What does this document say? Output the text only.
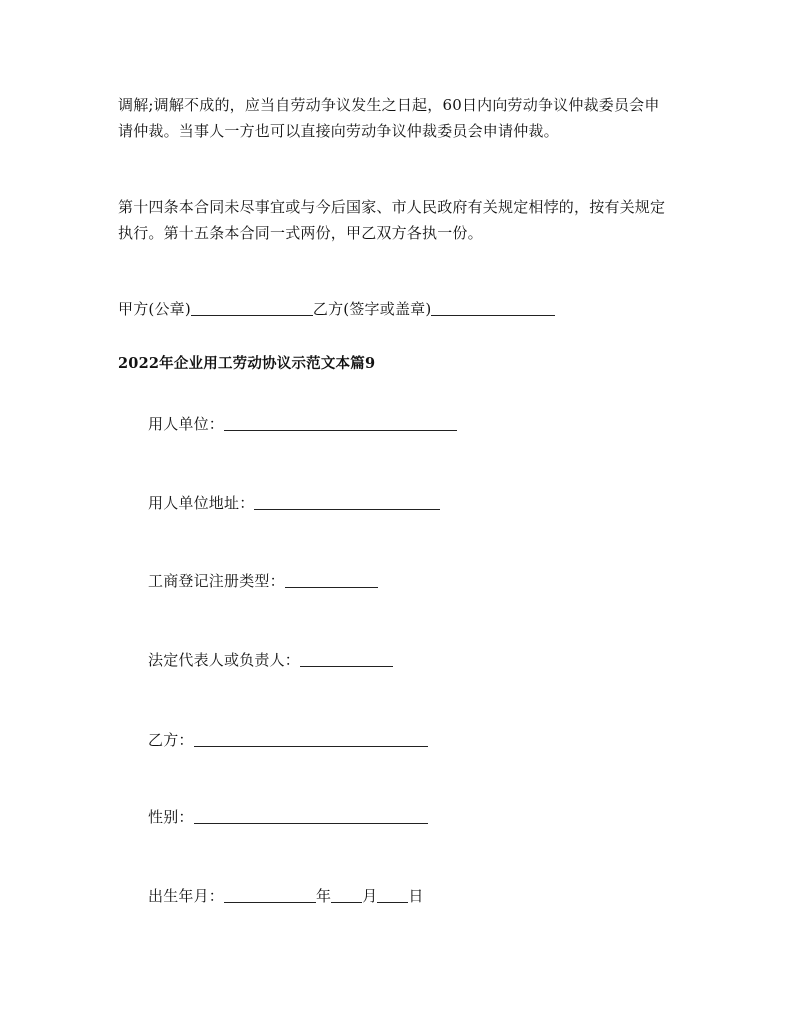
调解;调解不成的，应当自劳动争议发生之日起，60日内向劳动争议仲裁委员会申
请仲裁。当事人一方也可以直接向劳动争议仲裁委员会申请仲裁。
第十四条本合同未尽事宜或与今后国家、市人民政府有关规定相悖的，按有关规定
执行。第十五条本合同一式两份，甲乙双方各执一份。
甲方(公章)	乙方(签字或盖章)
2022年企业用工劳动协议示范文本篇9
用人单位：
用人单位地址：
工商登记注册类型：
法定代表人或负责人：
乙方：
性别：
出生年月：	年 月 日
